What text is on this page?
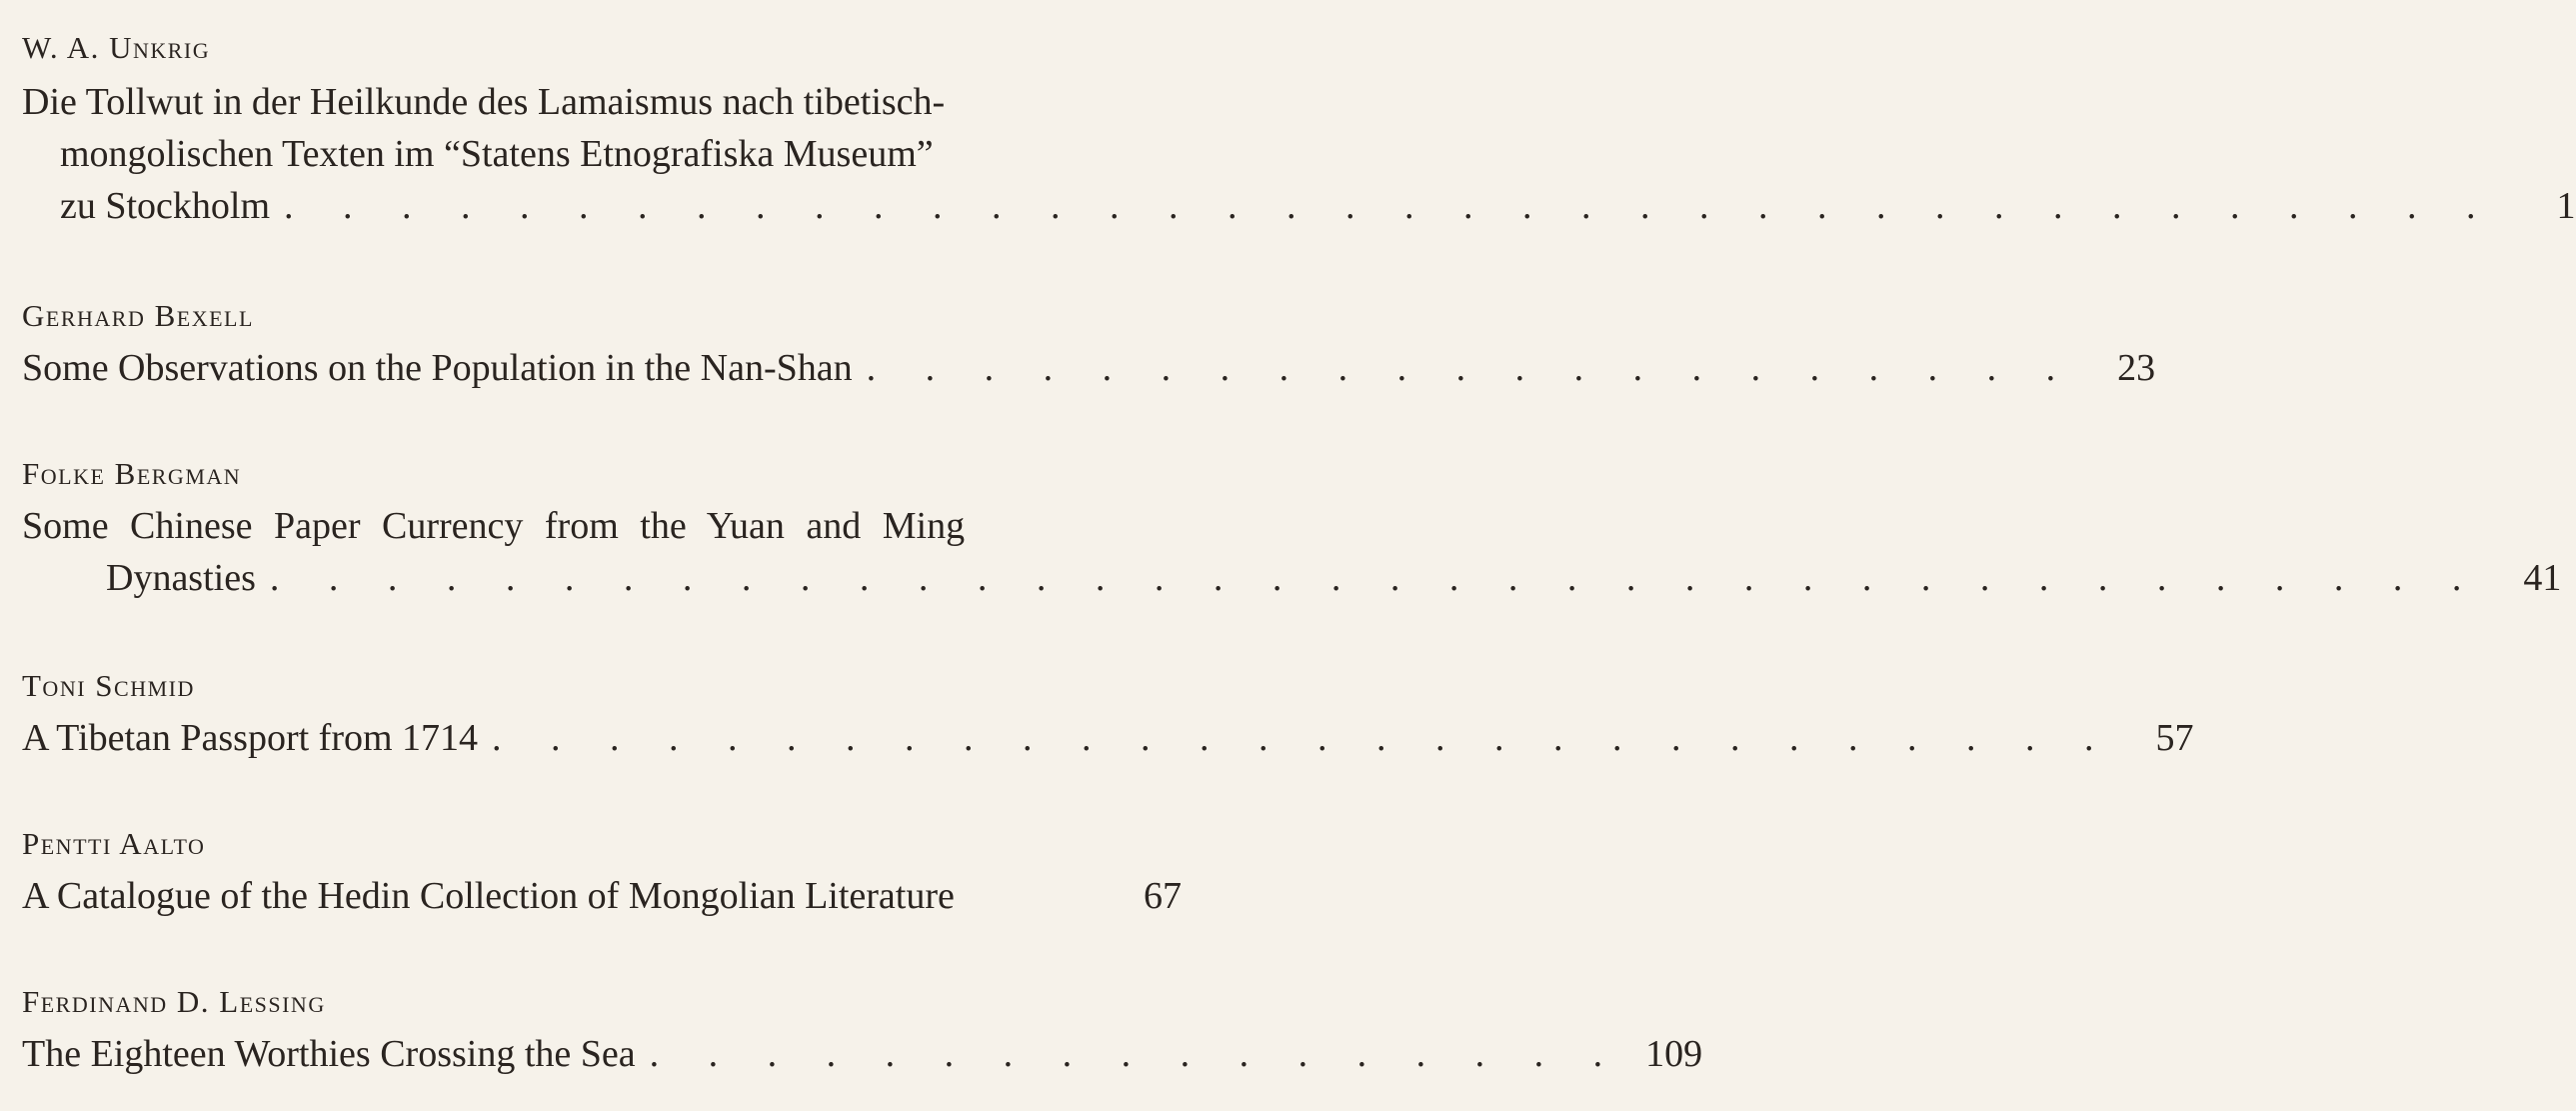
W. A. Unkrig
Die Tollwut in der Heilkunde des Lamaismus nach tibetisch-
mongolischen Texten im “Statens Etnografiska Museum”
zu Stockholm . . . . . . . . . . . . . . . . . . . . . . . . . . . . . . . . . . . . . .	1
Gerhard Bexell
Some Observations on the Population in the Nan-Shan . . . . . . . . . . . . . . . . . . . . .	23
Folke Bergman
Some Chinese Paper Currency from the Yuan and Ming
Dynasties . . . . . . . . . . . . . . . . . . . . . . . . . . . . . . . . . . . . . .	41
Toni Schmid
A Tibetan Passport from 1714 . . . . . . . . . . . . . . . . . . . . . . . . . . . .	57
Pentti Aalto
A Catalogue of the Hedin Collection of Mongolian Literature	67
Ferdinand D. Lessing
The Eighteen Worthies Crossing the Sea . . . . . . . . . . . . . . . . . 109
